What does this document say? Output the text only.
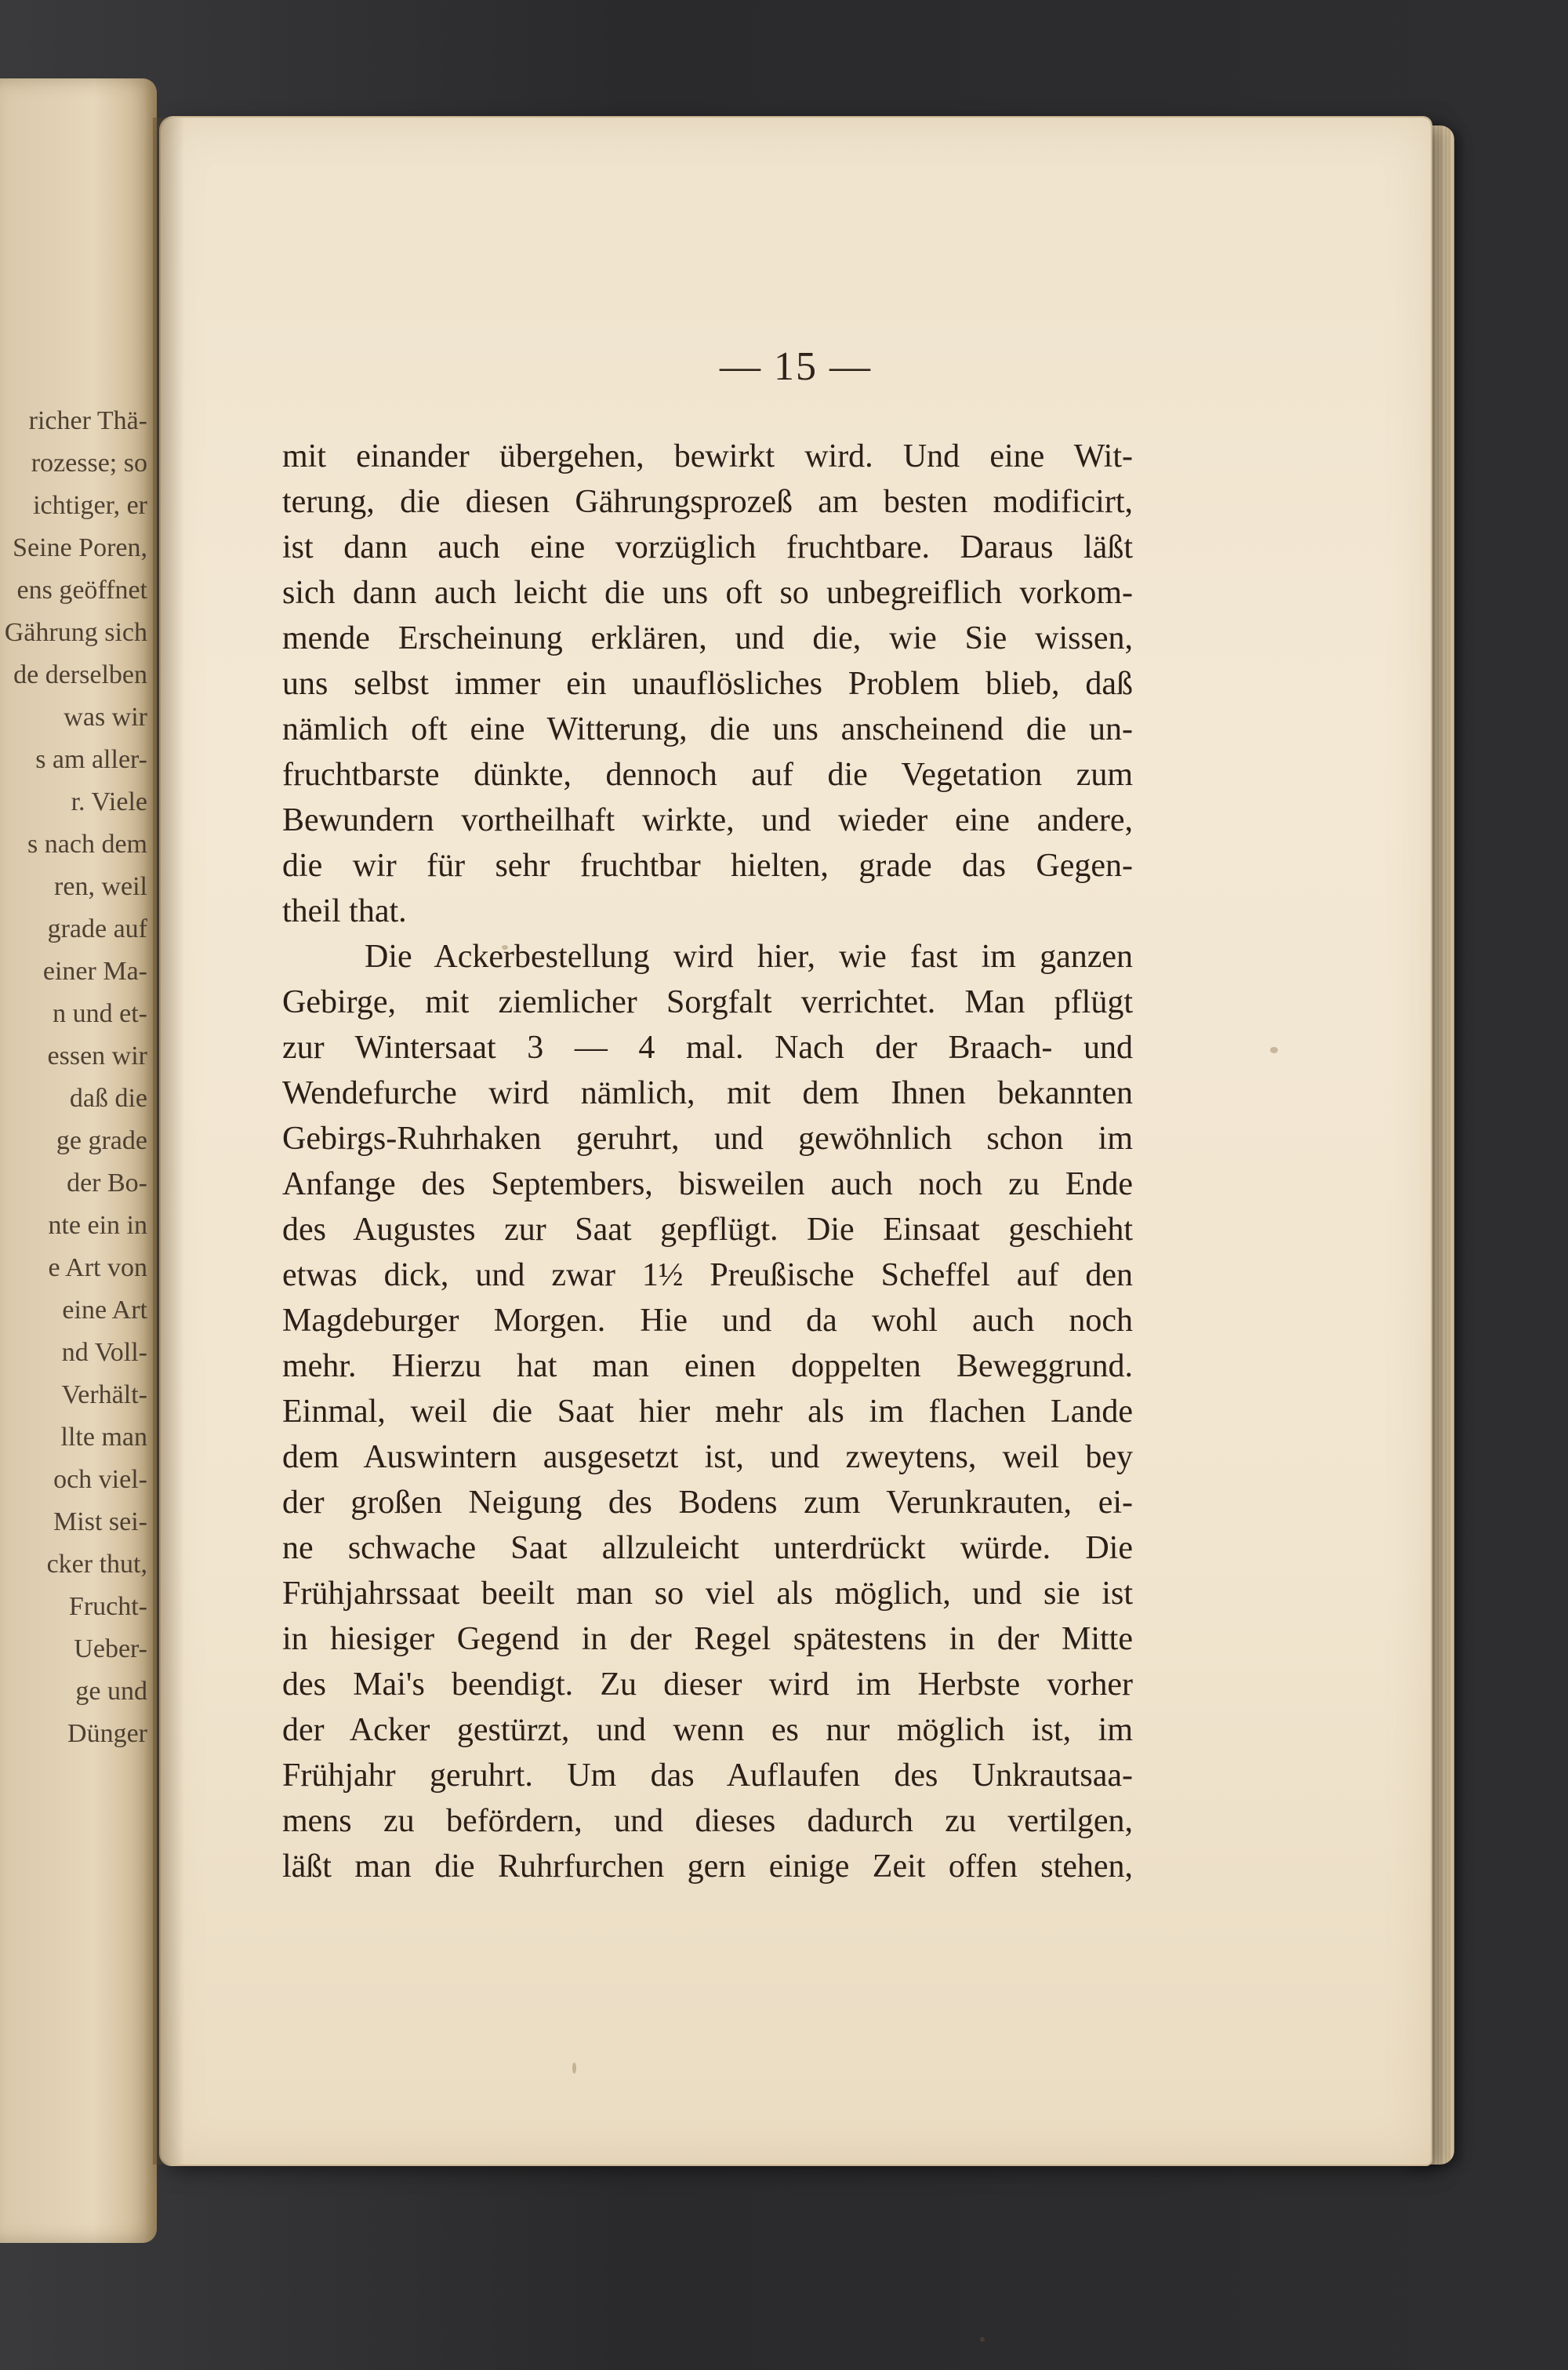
richer Thä-
rozesse; so
ichtiger, er
Seine Poren,
ens geöffnet
Gährung sich
de derselben
was wir
s am aller-
r. Viele
s nach dem
ren, weil
grade auf
einer Ma-
n und et-
essen wir
daß die
ge grade
der Bo-
nte ein in
e Art von
eine Art
nd Voll-
Verhält-
llte man
och viel-
Mist sei-
cker thut,
Frucht-
Ueber-
ge und
Dünger
— 15 —
mit einander übergehen, bewirkt wird. Und eine Wit-
terung, die diesen Gährungsprozeß am besten modificirt,
ist dann auch eine vorzüglich fruchtbare. Daraus läßt
sich dann auch leicht die uns oft so unbegreiflich vorkom-
mende Erscheinung erklären, und die, wie Sie wissen,
uns selbst immer ein unauflösliches Problem blieb, daß
nämlich oft eine Witterung, die uns anscheinend die un-
fruchtbarste dünkte, dennoch auf die Vegetation zum
Bewundern vortheilhaft wirkte, und wieder eine andere,
die wir für sehr fruchtbar hielten, grade das Gegen-
theil that.
Die Ackerbestellung wird hier, wie fast im ganzen
Gebirge, mit ziemlicher Sorgfalt verrichtet. Man pflügt
zur Wintersaat 3 — 4 mal. Nach der Braach- und
Wendefurche wird nämlich, mit dem Ihnen bekannten
Gebirgs-Ruhrhaken geruhrt, und gewöhnlich schon im
Anfange des Septembers, bisweilen auch noch zu Ende
des Augustes zur Saat gepflügt. Die Einsaat geschieht
etwas dick, und zwar 1½ Preußische Scheffel auf den
Magdeburger Morgen. Hie und da wohl auch noch
mehr. Hierzu hat man einen doppelten Beweggrund.
Einmal, weil die Saat hier mehr als im flachen Lande
dem Auswintern ausgesetzt ist, und zweytens, weil bey
der großen Neigung des Bodens zum Verunkrauten, ei-
ne schwache Saat allzuleicht unterdrückt würde. Die
Frühjahrssaat beeilt man so viel als möglich, und sie ist
in hiesiger Gegend in der Regel spätestens in der Mitte
des Mai's beendigt. Zu dieser wird im Herbste vorher
der Acker gestürzt, und wenn es nur möglich ist, im
Frühjahr geruhrt. Um das Auflaufen des Unkrautsaa-
mens zu befördern, und dieses dadurch zu vertilgen,
läßt man die Ruhrfurchen gern einige Zeit offen stehen,
